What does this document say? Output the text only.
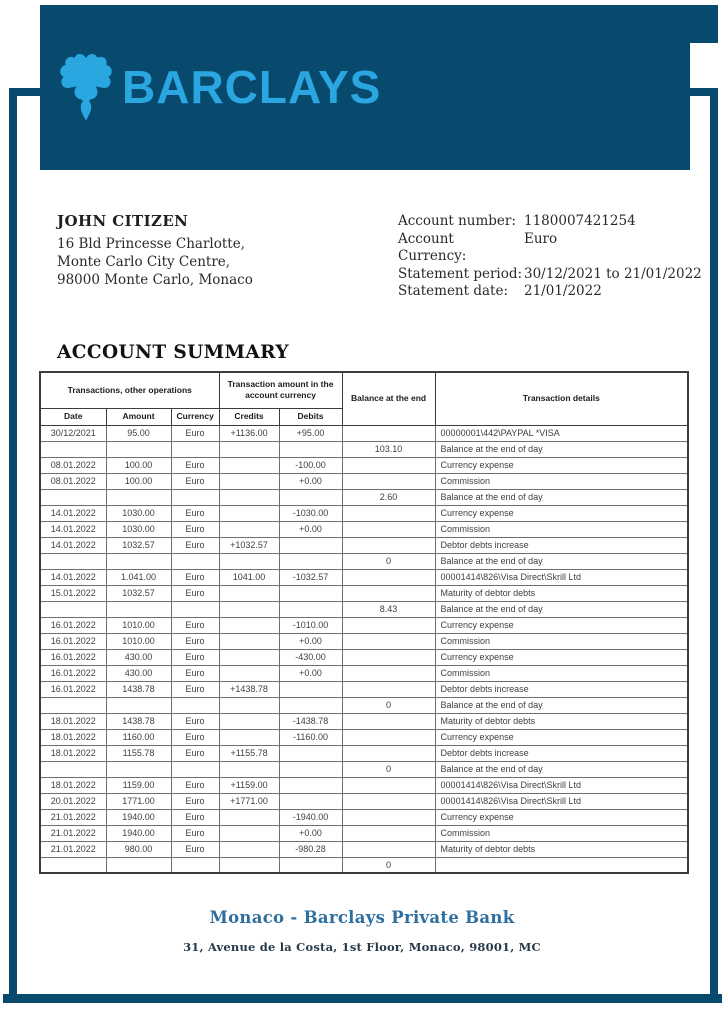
BARCLAYS
JOHN CITIZEN
16 Bld Princesse Charlotte,
Monte Carlo City Centre,
98000 Monte Carlo, Monaco
Account number: 1180007421254
Account Currency:
Euro
Statement period: 30/12/2021 to 21/01/2022
Statement date:	21/01/2022
ACCOUNT SUMMARY
Transactions, other operations			Transaction amount in the account currency		Balance at the end	Transaction details
Date	Amount	Currency	Credits	Debits		
30/12/2021	95.00	Euro	+1136.00	+95.00		00000001\442\PAYPAL *VISA
					103.10	Balance at the end of day
08.01.2022	100.00	Euro		-100.00		Currency expense
08.01.2022	100.00	Euro		+0.00		Commission
					2.60	Balance at the end of day
14.01.2022	1030.00	Euro		-1030.00		Currency expense
14.01.2022	1030.00	Euro		+0.00		Commission
14.01.2022	1032.57	Euro	+1032.57			Debtor debts increase
					0	Balance at the end of day
14.01.2022	1.041.00	Euro	1041.00	-1032.57		00001414\826\Visa Direct\Skrill Ltd
15.01.2022	1032.57	Euro				Maturity of debtor debts
					8.43	Balance at the end of day
16.01.2022	1010.00	Euro		-1010.00		Currency expense
16.01.2022	1010.00	Euro		+0.00		Commission
16.01.2022	430.00	Euro		-430.00		Currency expense
16.01.2022	430.00	Euro		+0.00		Commission
16.01.2022	1438.78	Euro	+1438.78			Debtor debts increase
					0	Balance at the end of day
18.01.2022	1438.78	Euro		-1438.78		Maturity of debtor debts
18.01.2022	1160.00	Euro		-1160.00		Currency expense
18.01.2022	1155.78	Euro	+1155.78			Debtor debts increase
					0	Balance at the end of day
18.01.2022	1159.00	Euro	+1159.00			00001414\826\Visa Direct\Skrill Ltd
20.01.2022	1771.00	Euro	+1771.00			00001414\826\Visa Direct\Skrill Ltd
21.01.2022	1940.00	Euro		-1940.00		Currency expense
21.01.2022	1940.00	Euro		+0.00		Commission
21.01.2022	980.00	Euro		-980.28		Maturity of debtor debts
					0	
Monaco - Barclays Private Bank
31, Avenue de la Costa, 1st Floor, Monaco, 98001, MC
